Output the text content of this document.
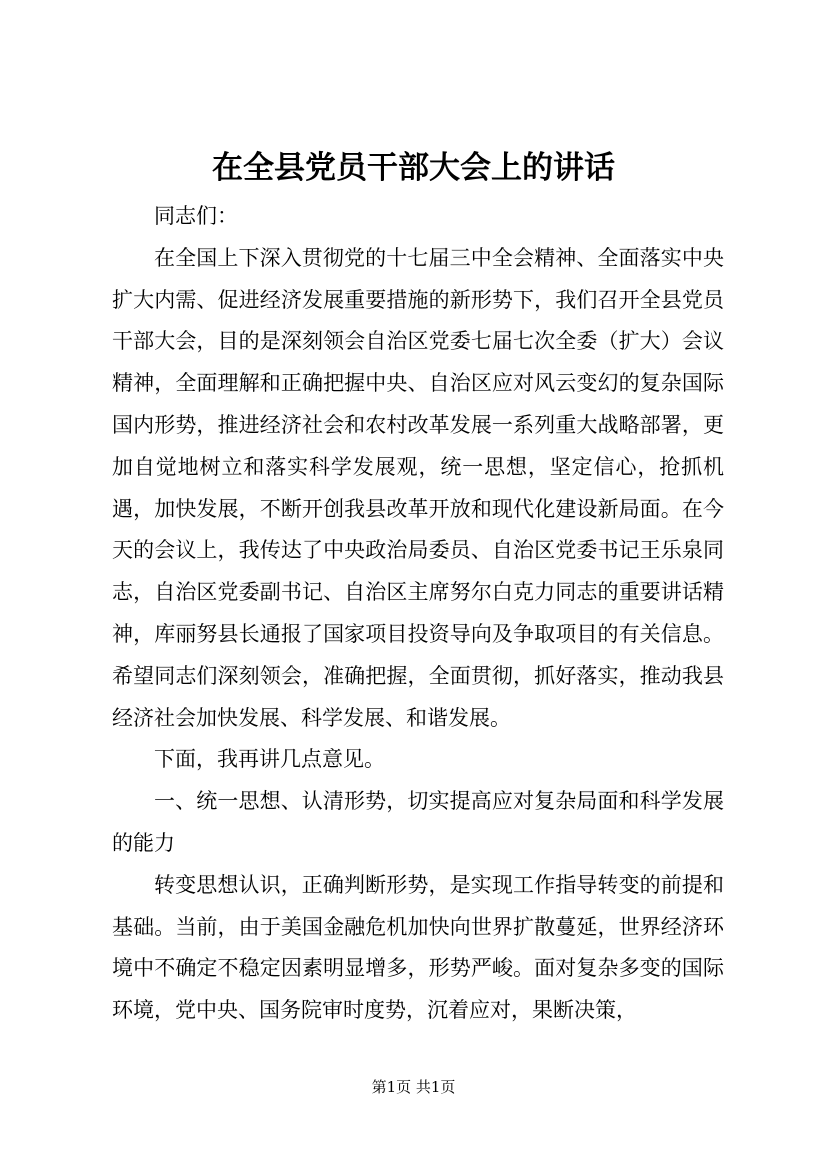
在全县党员干部大会上的讲话

同志们：

在全国上下深入贯彻党的十七届三中全会精神、全面落实中央扩大内需、促进经济发展重要措施的新形势下，我们召开全县党员干部大会，目的是深刻领会自治区党委七届七次全委（扩大）会议精神，全面理解和正确把握中央、自治区应对风云变幻的复杂国际国内形势，推进经济社会和农村改革发展一系列重大战略部署，更加自觉地树立和落实科学发展观，统一思想，坚定信心，抢抓机遇，加快发展，不断开创我县改革开放和现代化建设新局面。在今天的会议上，我传达了中央政治局委员、自治区党委书记王乐泉同志，自治区党委副书记、自治区主席努尔白克力同志的重要讲话精神，库丽努县长通报了国家项目投资导向及争取项目的有关信息。希望同志们深刻领会，准确把握，全面贯彻，抓好落实，推动我县经济社会加快发展、科学发展、和谐发展。

下面，我再讲几点意见。

一、统一思想、认清形势，切实提高应对复杂局面和科学发展的能力

转变思想认识，正确判断形势，是实现工作指导转变的前提和基础。当前，由于美国金融危机加快向世界扩散蔓延，世界经济环境中不确定不稳定因素明显增多，形势严峻。面对复杂多变的国际环境，党中央、国务院审时度势，沉着应对，果断决策，

第1页 共1页
